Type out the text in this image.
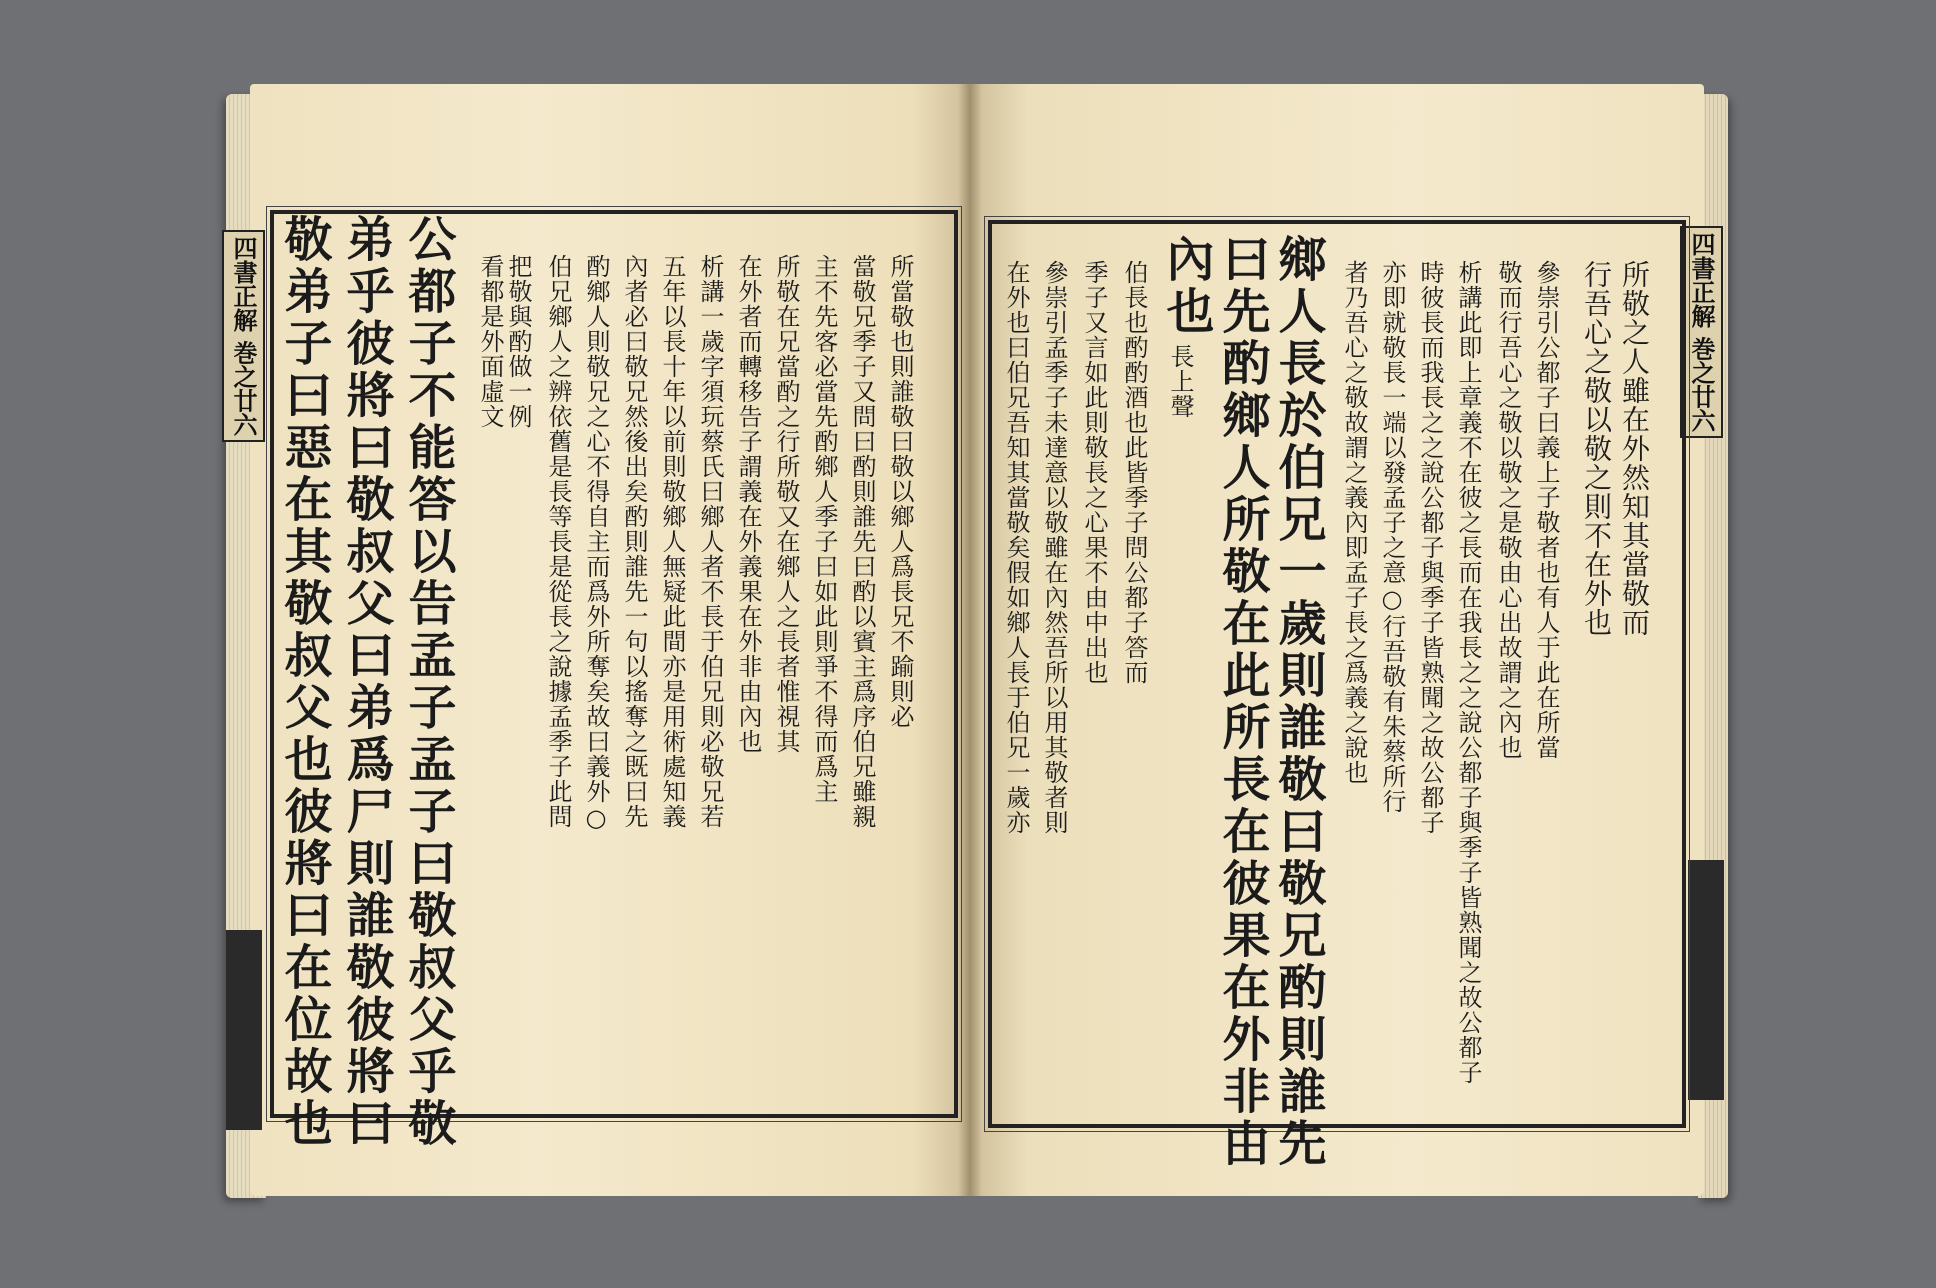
四書正解 巻之廿六	四書正解 巻之廿六
敬弟子曰惡在其敬叔父也彼將曰在位故也 弟乎彼將曰敬叔父曰弟爲尸則誰敬彼將曰 公都子不能答以告孟子孟子曰敬叔父乎敬 看都是外面虛文 把敬與酌做一例 伯兄鄉人之辨依舊是長等長是從長之說據孟季子此問 酌鄉人則敬兄之心不得自主而爲外所奪矣故曰義外○ 內者必曰敬兄然後出矣酌則誰先一句以搖奪之既曰先 五年以長十年以前則敬鄉人無疑此間亦是用術處知義 析講一歲字須玩蔡氏曰鄉人者不長于伯兄則必敬兄若 在外者而轉移告子謂義在外義果在外非由內也 所敬在兄當酌之行所敬又在鄉人之長者惟視其 主不先客必當先酌鄉人季子曰如此則爭不得而爲主 當敬兄季子又問曰酌則誰先曰酌以賓主爲序伯兄雖親 所當敬也則誰敬曰敬以鄉人爲長兄不踰則必	在外也曰伯兄吾知其當敬矣假如鄉人長于伯兄一歲亦 參崇引孟季子未達意以敬雖在內然吾所以用其敬者則 季子又言如此則敬長之心果不由中出也 伯長也酌酌酒也此皆季子問公都子答而 內也
長上聲 曰先酌鄉人所敬在此所長在彼果在外非由 鄉人長於伯兄一歲則誰敬曰敬兄酌則誰先 者乃吾心之敬故謂之義內即孟子長之爲義之說也 亦即就敬長一端以發孟子之意○行吾敬有朱蔡所行 時彼長而我長之之說公都子與季子皆熟聞之故公都子 析講此即上章義不在彼之長而在我長之之說公都子與季子皆熟聞之故公都子 敬而行吾心之敬以敬之是敬由心出故謂之內也 參崇引公都子曰義上子敬者也有人于此在所當 行吾心之敬以敬之則不在外也 所敬之人雖在外然知其當敬而
